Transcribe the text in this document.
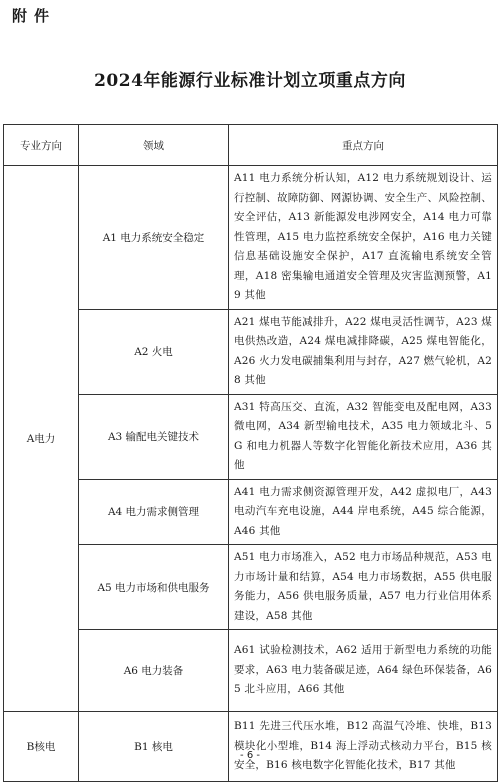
附件
2024年能源行业标准计划立项重点方向
专业方向	领域	重点方向
A电力	A1 电力系统安全稳定	A11 电力系统分析认知，A12 电力系统规划设计、运行控制、故障防御、网源协调、安全生产、风险控制、安全评估，A13 新能源发电涉网安全，A14 电力可靠性管理，A15 电力监控系统安全保护，A16 电力关键信息基础设施安全保护，A17 直流输电系统安全管理，A18 密集输电通道安全管理及灾害监测预警，A19 其他
	A2 火电	A21 煤电节能减排升，A22 煤电灵活性调节，A23 煤电供热改造，A24 煤电减排降碳，A25 煤电智能化，A26 火力发电碳捕集利用与封存，A27 燃气轮机，A28 其他
	A3 输配电关键技术	A31 特高压交、直流，A32 智能变电及配电网，A33 微电网，A34 新型输电技术，A35 电力领域北斗、5G 和电力机器人等数字化智能化新技术应用，A36 其他
	A4 电力需求侧管理	A41 电力需求侧资源管理开发，A42 虚拟电厂，A43 电动汽车充电设施，A44 岸电系统，A45 综合能源，A46 其他
	A5 电力市场和供电服务	A51 电力市场准入，A52 电力市场品种规范，A53 电力市场计量和结算，A54 电力市场数据，A55 供电服务能力，A56 供电服务质量，A57 电力行业信用体系建设，A58 其他
	A6 电力装备	A61 试验检测技术，A62 适用于新型电力系统的功能要求，A63 电力装备碳足迹，A64 绿色环保装备，A65 北斗应用，A66 其他
B核电	B1 核电	B11 先进三代压水堆，B12 高温气冷堆、快堆，B13 模块化小型堆，B14 海上浮动式核动力平台，B15 核安全，B16 核电数字化智能化技术，B17 其他
- 6 -
